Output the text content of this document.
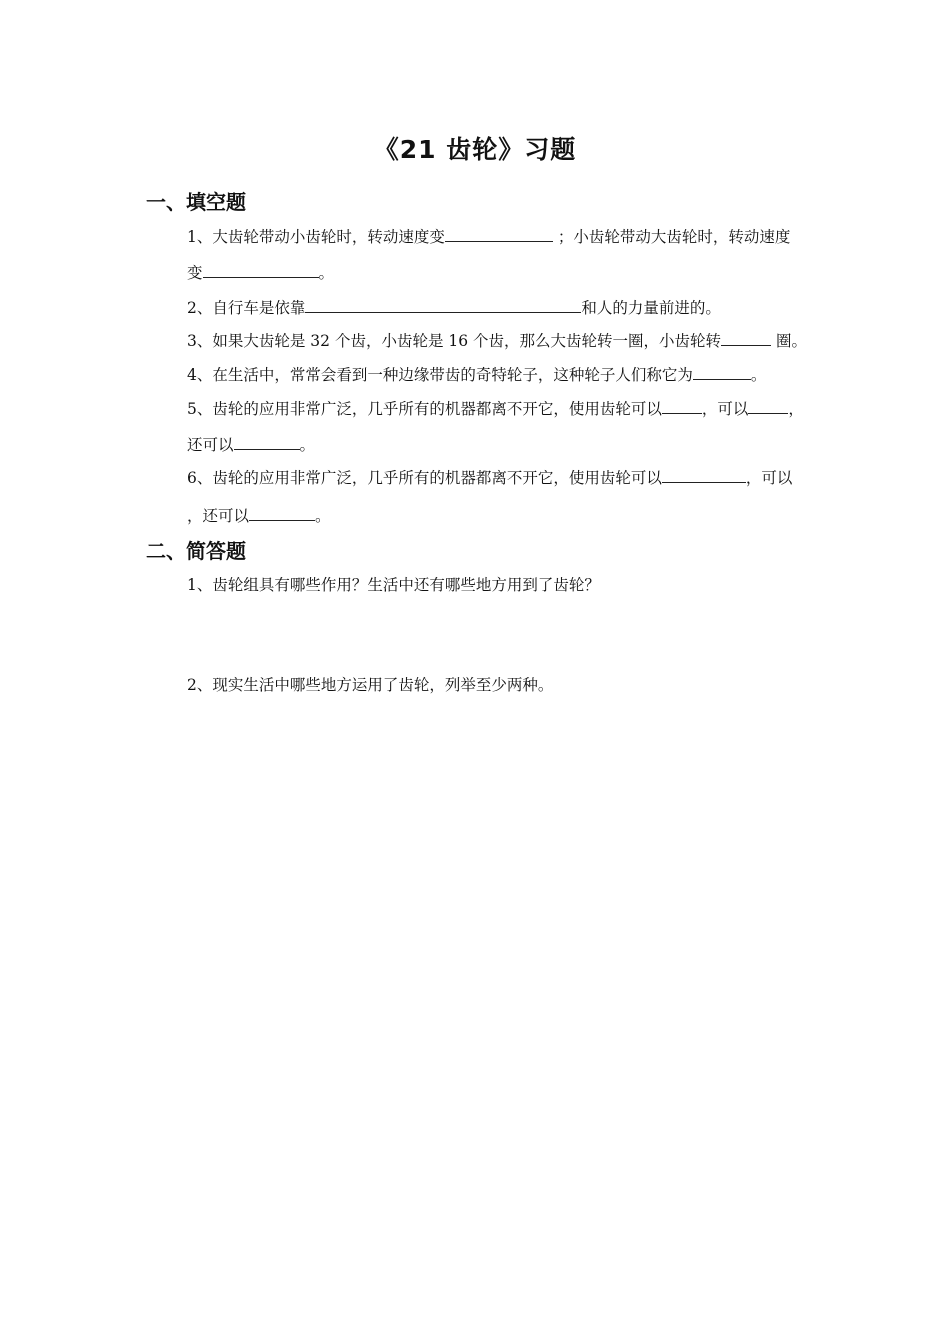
《21 齿轮》习题
一、填空题
1、大齿轮带动小齿轮时，转动速度变	；小齿轮带动大齿轮时，转动速度
变	。
2、自行车是依靠	和人的力量前进的。
3、如果大齿轮是 32 个齿，小齿轮是 16 个齿，那么大齿轮转一圈，小齿轮转	圈。
4、在生活中，常常会看到一种边缘带齿的奇特轮子，这种轮子人们称它为	。
5、齿轮的应用非常广泛，几乎所有的机器都离不开它，使用齿轮可以	，可以	，
还可以	。
6、齿轮的应用非常广泛，几乎所有的机器都离不开它，使用齿轮可以	，可以
，还可以	。
二、简答题
1、齿轮组具有哪些作用？生活中还有哪些地方用到了齿轮？
2、现实生活中哪些地方运用了齿轮，列举至少两种。
